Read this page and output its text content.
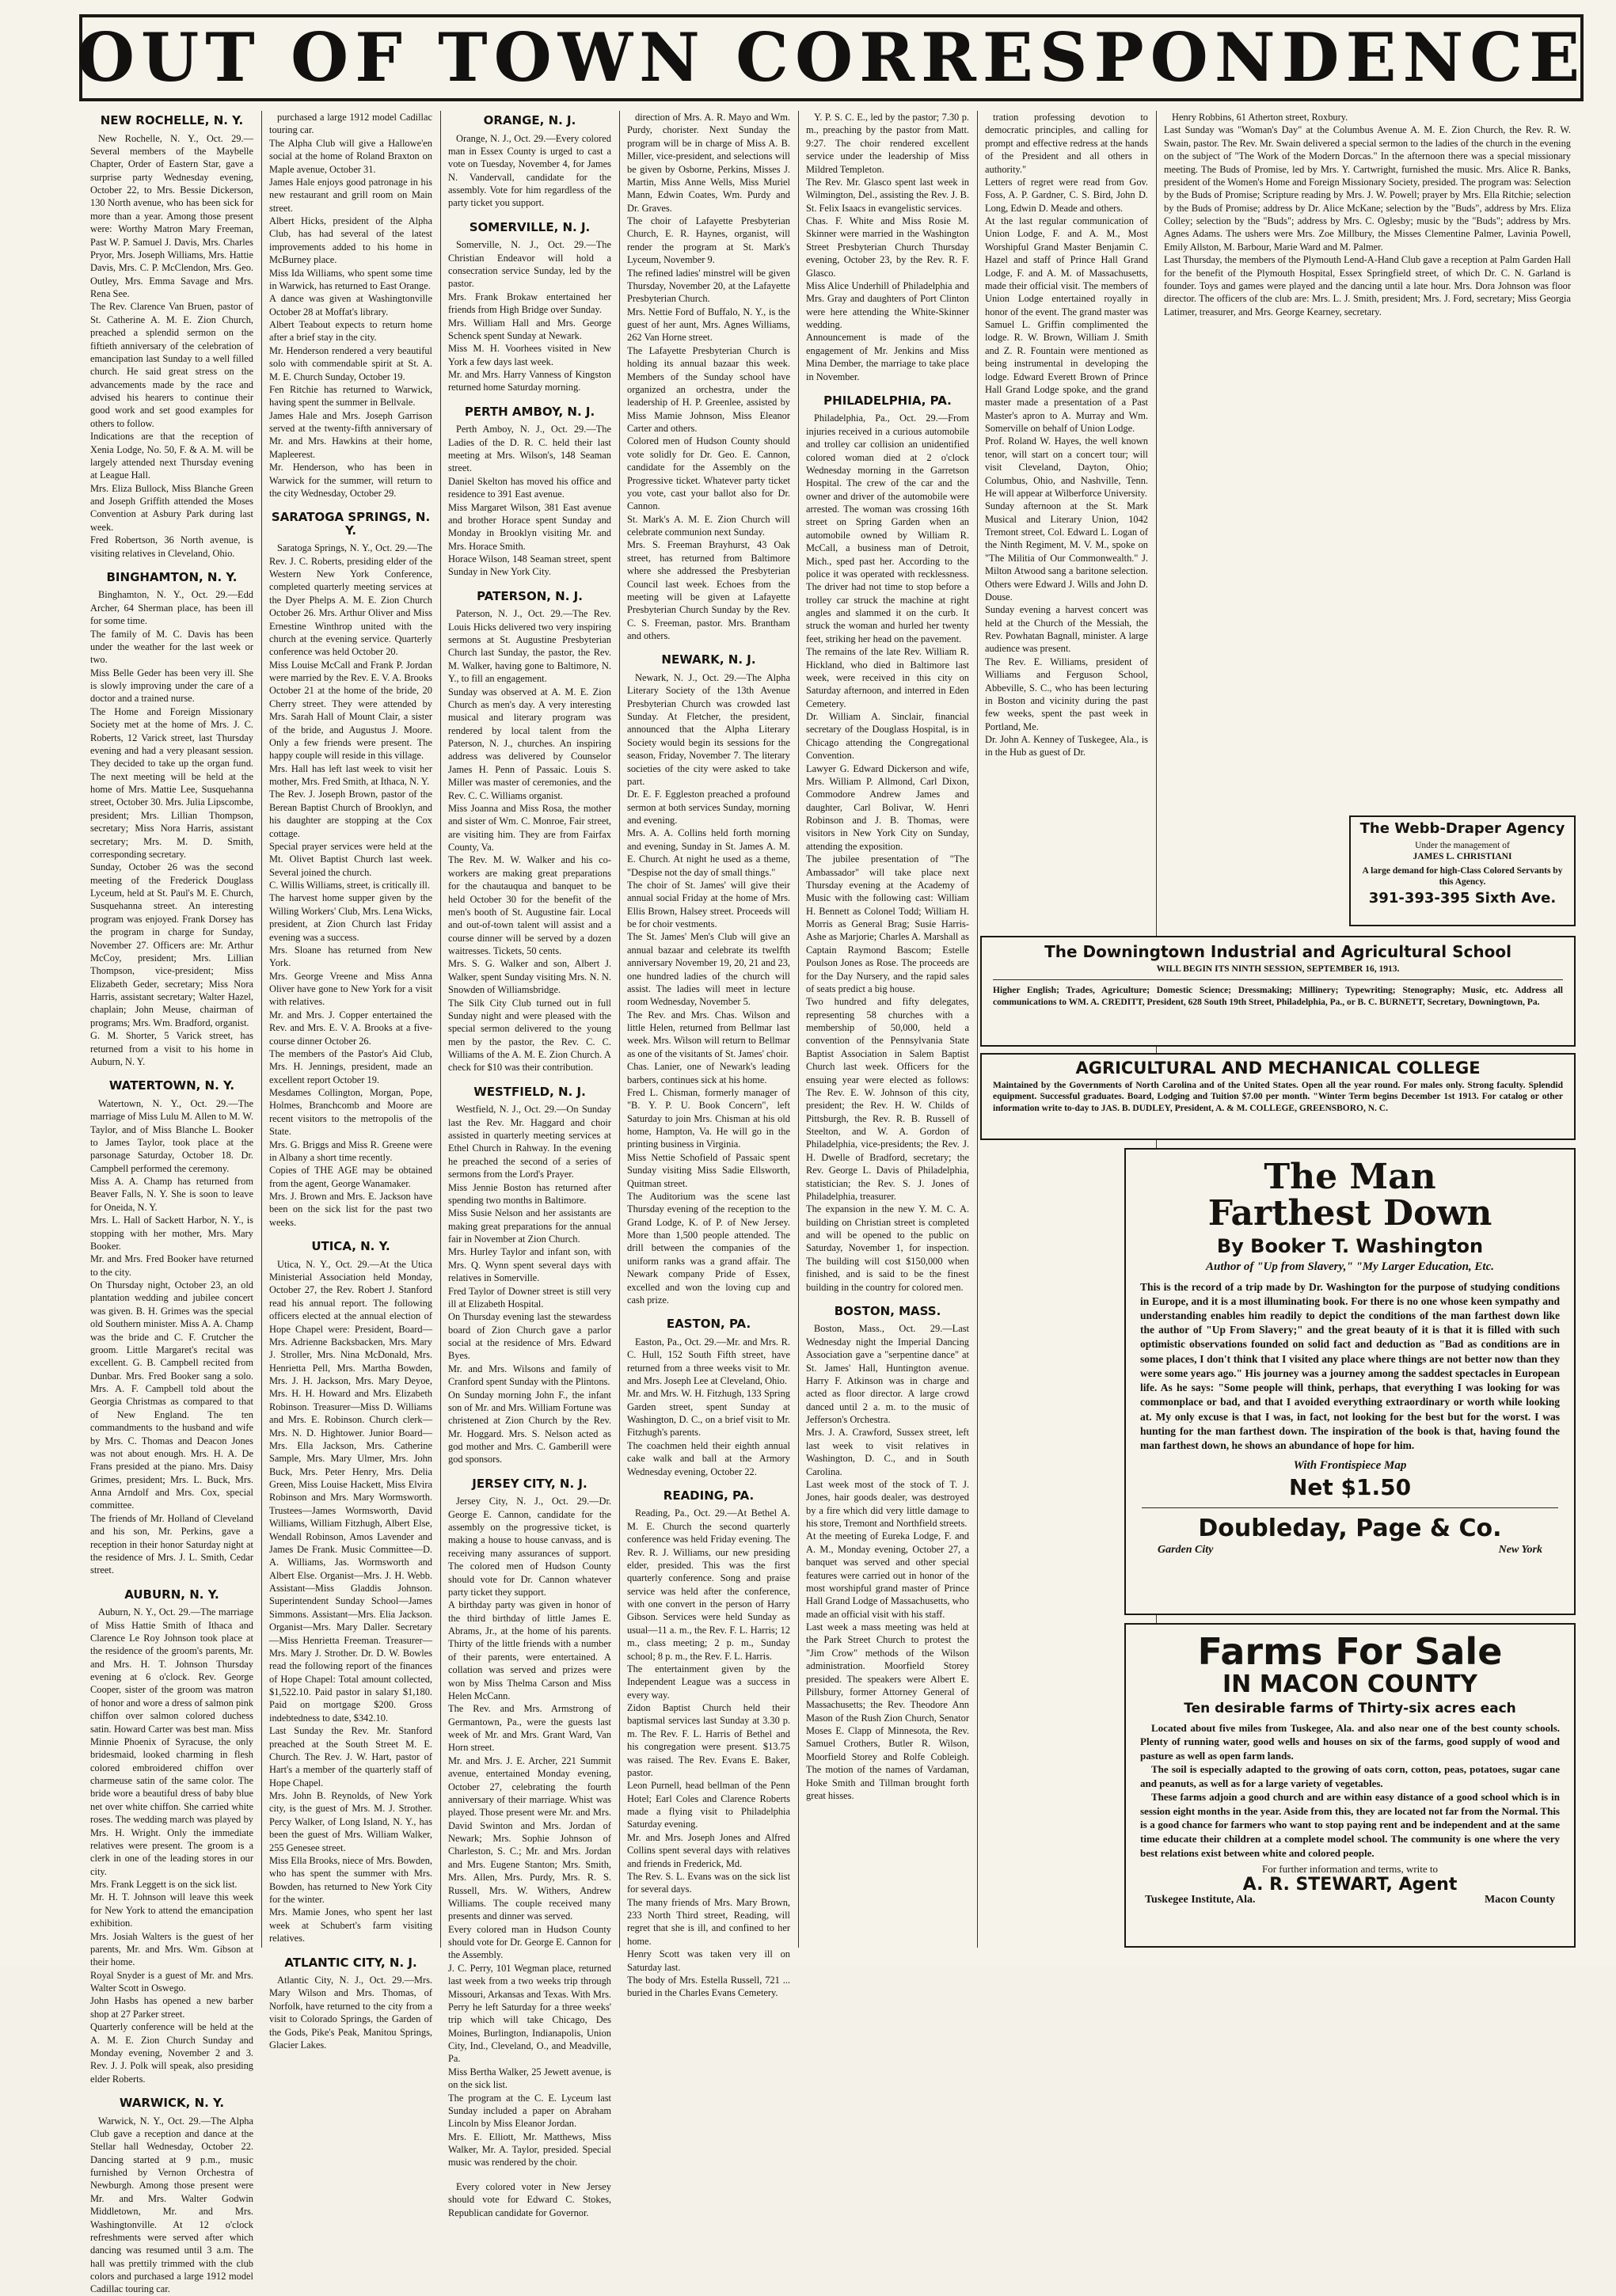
OUT OF TOWN CORRESPONDENCE
NEW ROCHELLE, N. Y.
New Rochelle, N. Y., Oct. 29.—Several members of the Maybelle Chapter, Order of Eastern Star, gave a surprise party Wednesday evening, October 22, to Mrs. Bessie Dickerson, 130 North avenue, who has been sick for more than a year. Among those present were: Worthy Matron Mary Freeman, Past W. P. Samuel J. Davis, Mrs. Charles Pryor, Mrs. Joseph Williams, Mrs. Hattie Davis, Mrs. C. P. McClendon, Mrs. Geo. Outley, Mrs. Emma Savage and Mrs. Rena See.
The Rev. Clarence Van Bruen, pastor of St. Catherine A. M. E. Zion Church, preached a splendid sermon on the fiftieth anniversary of the celebration of emancipation last Sunday to a well filled church. He said great stress on the advancements made by the race and advised his hearers to continue their good work and set good examples for others to follow.
Indications are that the reception of Xenia Lodge, No. 50, F. & A. M. will be largely attended next Thursday evening at League Hall.
Mrs. Eliza Bullock, Miss Blanche Green and Joseph Griffith attended the Moses Convention at Asbury Park during last week.
Fred Robertson, 36 North avenue, is visiting relatives in Cleveland, Ohio.
BINGHAMTON, N. Y.
Binghamton, N. Y., Oct. 29.—Edd Archer, 64 Sherman place, has been ill for some time.
The family of M. C. Davis has been under the weather for the last week or two.
Miss Belle Geder has been very ill. She is slowly improving under the care of a doctor and a trained nurse.
The Home and Foreign Missionary Society met at the home of Mrs. J. C. Roberts, 12 Varick street, last Thursday evening and had a very pleasant session. They decided to take up the organ fund. The next meeting will be held at the home of Mrs. Mattie Lee, Susquehanna street, October 30. Mrs. Julia Lipscombe, president; Mrs. Lillian Thompson, secretary; Miss Nora Harris, assistant secretary; Mrs. M. D. Smith, corresponding secretary.
Sunday, October 26 was the second meeting of the Frederick Douglass Lyceum, held at St. Paul's M. E. Church, Susquehanna street. An interesting program was enjoyed. Frank Dorsey has the program in charge for Sunday, November 27. Officers are: Mr. Arthur McCoy, president; Mrs. Lillian Thompson, vice-president; Miss Elizabeth Geder, secretary; Miss Nora Harris, assistant secretary; Walter Hazel, chaplain; John Meuse, chairman of programs; Mrs. Wm. Bradford, organist.
G. M. Shorter, 5 Varick street, has returned from a visit to his home in Auburn, N. Y.
WATERTOWN, N. Y.
Watertown, N. Y., Oct. 29.—The marriage of Miss Lulu M. Allen to M. W. Taylor, and of Miss Blanche L. Booker to James Taylor, took place at the parsonage Saturday, October 18. Dr. Campbell performed the ceremony.
Miss A. A. Champ has returned from Beaver Falls, N. Y. She is soon to leave for Oneida, N. Y.
Mrs. L. Hall of Sackett Harbor, N. Y., is stopping with her mother, Mrs. Mary Booker.
Mr. and Mrs. Fred Booker have returned to the city.
On Thursday night, October 23, an old plantation wedding and jubilee concert was given. B. H. Grimes was the special old Southern minister. Miss A. A. Champ was the bride and C. F. Crutcher the groom. Little Margaret's recital was excellent. G. B. Campbell recited from Dunbar. Mrs. Fred Booker sang a solo. Mrs. A. F. Campbell told about the Georgia Christmas as compared to that of New England. The ten commandments to the husband and wife by Mrs. C. Thomas and Deacon Jones was not about enough. Mrs. H. A. De Frans presided at the piano. Mrs. Daisy Grimes, president; Mrs. L. Buck, Mrs. Anna Arndolf and Mrs. Cox, special committee.
The friends of Mr. Holland of Cleveland and his son, Mr. Perkins, gave a reception in their honor Saturday night at the residence of Mrs. J. L. Smith, Cedar street.
AUBURN, N. Y.
Auburn, N. Y., Oct. 29.—The marriage of Miss Hattie Smith of Ithaca and Clarence Le Roy Johnson took place at the residence of the groom's parents, Mr. and Mrs. H. T. Johnson Thursday evening at 6 o'clock. Rev. George Cooper, sister of the groom was matron of honor and wore a dress of salmon pink chiffon over salmon colored duchess satin. Howard Carter was best man. Miss Minnie Phoenix of Syracuse, the only bridesmaid, looked charming in flesh colored embroidered chiffon over charmeuse satin of the same color. The bride wore a beautiful dress of baby blue net over white chiffon. She carried white roses. The wedding march was played by Mrs. H. Wright. Only the immediate relatives were present. The groom is a clerk in one of the leading stores in our city.
Mrs. Frank Leggett is on the sick list.
Mr. H. T. Johnson will leave this week for New York to attend the emancipation exhibition.
Mrs. Josiah Walters is the guest of her parents, Mr. and Mrs. Wm. Gibson at their home.
Royal Snyder is a guest of Mr. and Mrs. Walter Scott in Oswego.
John Hasbs has opened a new barber shop at 27 Parker street.
Quarterly conference will be held at the A. M. E. Zion Church Sunday and Monday evening, November 2 and 3. Rev. J. J. Polk will speak, also presiding elder Roberts.
WARWICK, N. Y.
Warwick, N. Y., Oct. 29.—The Alpha Club gave a reception and dance at the Stellar hall Wednesday, October 22. Dancing started at 9 p.m., music furnished by Vernon Orchestra of Newburgh. Among those present were Mr. and Mrs. Walter Godwin Middletown, Mr. and Mrs. Washingtonville. At 12 o'clock refreshments were served after which dancing was resumed until 3 a.m. The hall was prettily trimmed with the club colors and purchased a large 1912 model Cadillac touring car.
purchased a large 1912 model Cadillac touring car.
The Alpha Club will give a Hallowe'en social at the home of Roland Braxton on Maple avenue, October 31.
James Hale enjoys good patronage in his new restaurant and grill room on Main street.
Albert Hicks, president of the Alpha Club, has had several of the latest improvements added to his home in McBurney place.
Miss Ida Williams, who spent some time in Warwick, has returned to East Orange.
A dance was given at Washingtonville October 28 at Moffat's library.
Albert Teabout expects to return home after a brief stay in the city.
Mr. Henderson rendered a very beautiful solo with commendable spirit at St. A. M. E. Church Sunday, October 19.
Fen Ritchie has returned to Warwick, having spent the summer in Bellvale.
James Hale and Mrs. Joseph Garrison served at the twenty-fifth anniversary of Mr. and Mrs. Hawkins at their home, Mapleerest.
Mr. Henderson, who has been in Warwick for the summer, will return to the city Wednesday, October 29.
SARATOGA SPRINGS, N. Y.
Saratoga Springs, N. Y., Oct. 29.—The Rev. J. C. Roberts, presiding elder of the Western New York Conference, completed quarterly meeting services at the Dyer Phelps A. M. E. Zion Church October 26. Mrs. Arthur Oliver and Miss Ernestine Winthrop united with the church at the evening service. Quarterly conference was held October 20.
Miss Louise McCall and Frank P. Jordan were married by the Rev. E. V. A. Brooks October 21 at the home of the bride, 20 Cherry street. They were attended by Mrs. Sarah Hall of Mount Clair, a sister of the bride, and Augustus J. Moore. Only a few friends were present. The happy couple will reside in this village.
Mrs. Hall has left last week to visit her mother, Mrs. Fred Smith, at Ithaca, N. Y.
The Rev. J. Joseph Brown, pastor of the Berean Baptist Church of Brooklyn, and his daughter are stopping at the Cox cottage.
Special prayer services were held at the Mt. Olivet Baptist Church last week. Several joined the church.
C. Willis Williams, street, is critically ill.
The harvest home supper given by the Willing Workers' Club, Mrs. Lena Wicks, president, at Zion Church last Friday evening was a success.
Mrs. Sloane has returned from New York.
Mrs. George Vreene and Miss Anna Oliver have gone to New York for a visit with relatives.
Mr. and Mrs. J. Copper entertained the Rev. and Mrs. E. V. A. Brooks at a five-course dinner October 26.
The members of the Pastor's Aid Club, Mrs. H. Jennings, president, made an excellent report October 19.
Mesdames Collington, Morgan, Pope, Holmes, Branchcomb and Moore are recent visitors to the metropolis of the State.
Mrs. G. Briggs and Miss R. Greene were in Albany a short time recently.
Copies of THE AGE may be obtained from the agent, George Wanamaker.
Mrs. J. Brown and Mrs. E. Jackson have been on the sick list for the past two weeks.
UTICA, N. Y.
Utica, N. Y., Oct. 29.—At the Utica Ministerial Association held Monday, October 27, the Rev. Robert J. Stanford read his annual report. The following officers elected at the annual election of Hope Chapel were: President, Board—Mrs. Adrienne Backsbacken, Mrs. Mary J. Stroller, Mrs. Nina McDonald, Mrs. Henrietta Pell, Mrs. Martha Bowden, Mrs. J. H. Jackson, Mrs. Mary Deyoe, Mrs. H. H. Howard and Mrs. Elizabeth Robinson. Treasurer—Miss D. Williams and Mrs. E. Robinson. Church clerk—Mrs. N. D. Hightower. Junior Board—Mrs. Ella Jackson, Mrs. Catherine Sample, Mrs. Mary Ulmer, Mrs. John Buck, Mrs. Peter Henry, Mrs. Delia Green, Miss Louise Hackett, Miss Elvira Robinson and Mrs. Mary Wormsworth. Trustees—James Wormsworth, David Williams, William Fitzhugh, Albert Else, Wendall Robinson, Amos Lavender and James De Frank. Music Committee—D. A. Williams, Jas. Wormsworth and Albert Else. Organist—Mrs. J. H. Webb. Assistant—Miss Gladdis Johnson. Superintendent Sunday School—James Simmons. Assistant—Mrs. Elia Jackson. Organist—Mrs. Mary Daller. Secretary—Miss Henrietta Freeman. Treasurer—Mrs. Mary J. Strother. Dr. D. W. Bowles read the following report of the finances of Hope Chapel: Total amount collected, $1,522.10. Paid pastor in salary $1,180. Paid on mortgage $200. Gross indebtedness to date, $342.10.
Last Sunday the Rev. Mr. Stanford preached at the South Street M. E. Church. The Rev. J. W. Hart, pastor of Hart's a member of the quarterly staff of Hope Chapel.
Mrs. John B. Reynolds, of New York city, is the guest of Mrs. M. J. Strother. Percy Walker, of Long Island, N. Y., has been the guest of Mrs. William Walker, 255 Genesee street.
Miss Ella Brooks, niece of Mrs. Bowden, who has spent the summer with Mrs. Bowden, has returned to New York City for the winter.
Mrs. Mamie Jones, who spent her last week at Schubert's farm visiting relatives.
ATLANTIC CITY, N. J.
Atlantic City, N. J., Oct. 29.—Mrs. Mary Wilson and Mrs. Thomas, of Norfolk, have returned to the city from a visit to Colorado Springs, the Garden of the Gods, Pike's Peak, Manitou Springs, Glacier Lakes.
ORANGE, N. J.
Orange, N. J., Oct. 29.—Every colored man in Essex County is urged to cast a vote on Tuesday, November 4, for James N. Vandervall, candidate for the assembly. Vote for him regardless of the party ticket you support.
SOMERVILLE, N. J.
Somerville, N. J., Oct. 29.—The Christian Endeavor will hold a consecration service Sunday, led by the pastor.
Mrs. Frank Brokaw entertained her friends from High Bridge over Sunday.
Mrs. William Hall and Mrs. George Schenck spent Sunday at Newark.
Miss M. H. Voorhees visited in New York a few days last week.
Mr. and Mrs. Harry Vanness of Kingston returned home Saturday morning.
PERTH AMBOY, N. J.
Perth Amboy, N. J., Oct. 29.—The Ladies of the D. R. C. held their last meeting at Mrs. Wilson's, 148 Seaman street.
Daniel Skelton has moved his office and residence to 391 East avenue.
Miss Margaret Wilson, 381 East avenue and brother Horace spent Sunday and Monday in Brooklyn visiting Mr. and Mrs. Horace Smith.
Horace Wilson, 148 Seaman street, spent Sunday in New York City.
PATERSON, N. J.
Paterson, N. J., Oct. 29.—The Rev. Louis Hicks delivered two very inspiring sermons at St. Augustine Presbyterian Church last Sunday, the pastor, the Rev. M. Walker, having gone to Baltimore, N. Y., to fill an engagement.
Sunday was observed at A. M. E. Zion Church as men's day. A very interesting musical and literary program was rendered by local talent from the Paterson, N. J., churches. An inspiring address was delivered by Counselor James H. Penn of Passaic. Louis S. Miller was master of ceremonies, and the Rev. C. C. Williams organist.
Miss Joanna and Miss Rosa, the mother and sister of Wm. C. Monroe, Fair street, are visiting him. They are from Fairfax County, Va.
The Rev. M. W. Walker and his co-workers are making great preparations for the chautauqua and banquet to be held October 30 for the benefit of the men's booth of St. Augustine fair. Local and out-of-town talent will assist and a course dinner will be served by a dozen waitresses. Tickets, 50 cents.
Mrs. S. G. Walker and son, Albert J. Walker, spent Sunday visiting Mrs. N. N. Snowden of Williamsbridge.
The Silk City Club turned out in full Sunday night and were pleased with the special sermon delivered to the young men by the pastor, the Rev. C. C. Williams of the A. M. E. Zion Church. A check for $10 was their contribution.
WESTFIELD, N. J.
Westfield, N. J., Oct. 29.—On Sunday last the Rev. Mr. Haggard and choir assisted in quarterly meeting services at Ethel Church in Rahway. In the evening he preached the second of a series of sermons from the Lord's Prayer.
Miss Jennie Boston has returned after spending two months in Baltimore.
Miss Susie Nelson and her assistants are making great preparations for the annual fair in November at Zion Church.
Mrs. Hurley Taylor and infant son, with Mrs. Q. Wynn spent several days with relatives in Somerville.
Fred Taylor of Downer street is still very ill at Elizabeth Hospital.
On Thursday evening last the stewardess board of Zion Church gave a parlor social at the residence of Mrs. Edward Byes.
Mr. and Mrs. Wilsons and family of Cranford spent Sunday with the Plintons.
On Sunday morning John F., the infant son of Mr. and Mrs. William Fortune was christened at Zion Church by the Rev. Mr. Hoggard. Mrs. S. Nelson acted as god mother and Mrs. C. Gamberill were god sponsors.
JERSEY CITY, N. J.
Jersey City, N. J., Oct. 29.—Dr. George E. Cannon, candidate for the assembly on the progressive ticket, is making a house to house canvass, and is receiving many assurances of support. The colored men of Hudson County should vote for Dr. Cannon whatever party ticket they support.
A birthday party was given in honor of the third birthday of little James E. Abrams, Jr., at the home of his parents. Thirty of the little friends with a number of their parents, were entertained. A collation was served and prizes were won by Miss Thelma Carson and Miss Helen McCann.
The Rev. and Mrs. Armstrong of Germantown, Pa., were the guests last week of Mr. and Mrs. Grant Ward, Van Horn street.
Mr. and Mrs. J. E. Archer, 221 Summit avenue, entertained Monday evening, October 27, celebrating the fourth anniversary of their marriage. Whist was played. Those present were Mr. and Mrs. David Swinton and Mrs. Jordan of Newark; Mrs. Sophie Johnson of Charleston, S. C.; Mr. and Mrs. Jordan and Mrs. Eugene Stanton; Mrs. Smith, Mrs. Allen, Mrs. Purdy, Mrs. R. S. Russell, Mrs. W. Withers, Andrew Williams. The couple received many presents and dinner was served.
Every colored man in Hudson County should vote for Dr. George E. Cannon for the Assembly.
J. C. Perry, 101 Wegman place, returned last week from a two weeks trip through Missouri, Arkansas and Texas. With Mrs. Perry he left Saturday for a three weeks' trip which will take Chicago, Des Moines, Burlington, Indianapolis, Union City, Ind., Cleveland, O., and Meadville, Pa.
Miss Bertha Walker, 25 Jewett avenue, is on the sick list.
The program at the C. E. Lyceum last Sunday included a paper on Abraham Lincoln by Miss Eleanor Jordan.
Mrs. E. Elliott, Mr. Matthews, Miss Walker, Mr. A. Taylor, presided. Special music was rendered by the choir.
Every colored voter in New Jersey should vote for Edward C. Stokes, Republican candidate for Governor.
direction of Mrs. A. R. Mayo and Wm. Purdy, chorister. Next Sunday the program will be in charge of Miss A. B. Miller, vice-president, and selections will be given by Osborne, Perkins, Misses J. Martin, Miss Anne Wells, Miss Muriel Mann, Edwin Coates, Wm. Purdy and Dr. Graves.
The choir of Lafayette Presbyterian Church, E. R. Haynes, organist, will render the program at St. Mark's Lyceum, November 9.
The refined ladies' minstrel will be given Thursday, November 20, at the Lafayette Presbyterian Church.
Mrs. Nettie Ford of Buffalo, N. Y., is the guest of her aunt, Mrs. Agnes Williams, 262 Van Horne street.
The Lafayette Presbyterian Church is holding its annual bazaar this week. Members of the Sunday school have organized an orchestra, under the leadership of H. P. Greenlee, assisted by Miss Mamie Johnson, Miss Eleanor Carter and others.
Colored men of Hudson County should vote solidly for Dr. Geo. E. Cannon, candidate for the Assembly on the Progressive ticket. Whatever party ticket you vote, cast your ballot also for Dr. Cannon.
St. Mark's A. M. E. Zion Church will celebrate communion next Sunday.
Mrs. S. Freeman Brayhurst, 43 Oak street, has returned from Baltimore where she addressed the Presbyterian Council last week. Echoes from the meeting will be given at Lafayette Presbyterian Church Sunday by the Rev. C. S. Freeman, pastor. Mrs. Brantham and others.
NEWARK, N. J.
Newark, N. J., Oct. 29.—The Alpha Literary Society of the 13th Avenue Presbyterian Church was crowded last Sunday. At Fletcher, the president, announced that the Alpha Literary Society would begin its sessions for the season, Friday, November 7. The literary societies of the city were asked to take part.
Dr. E. F. Eggleston preached a profound sermon at both services Sunday, morning and evening.
Mrs. A. A. Collins held forth morning and evening, Sunday in St. James A. M. E. Church. At night he used as a theme, "Despise not the day of small things."
The choir of St. James' will give their annual social Friday at the home of Mrs. Ellis Brown, Halsey street. Proceeds will be for choir vestments.
The St. James' Men's Club will give an annual bazaar and celebrate its twelfth anniversary November 19, 20, 21 and 23, one hundred ladies of the church will assist. The ladies will meet in lecture room Wednesday, November 5.
The Rev. and Mrs. Chas. Wilson and little Helen, returned from Bellmar last week. Mrs. Wilson will return to Bellmar as one of the visitants of St. James' choir.
Chas. Lanier, one of Newark's leading barbers, continues sick at his home.
Fred L. Chisman, formerly manager of "B. Y. P. U. Book Concern", left Saturday to join Mrs. Chisman at his old home, Hampton, Va. He will go in the printing business in Virginia.
Miss Nettie Schofield of Passaic spent Sunday visiting Miss Sadie Ellsworth, Quitman street.
The Auditorium was the scene last Thursday evening of the reception to the Grand Lodge, K. of P. of New Jersey. More than 1,500 people attended. The drill between the companies of the uniform ranks was a grand affair. The Newark company Pride of Essex, excelled and won the loving cup and cash prize.
EASTON, PA.
Easton, Pa., Oct. 29.—Mr. and Mrs. R. C. Hull, 152 South Fifth street, have returned from a three weeks visit to Mr. and Mrs. Joseph Lee at Cleveland, Ohio.
Mr. and Mrs. W. H. Fitzhugh, 133 Spring Garden street, spent Sunday at Washington, D. C., on a brief visit to Mr. Fitzhugh's parents.
The coachmen held their eighth annual cake walk and ball at the Armory Wednesday evening, October 22.
READING, PA.
Reading, Pa., Oct. 29.—At Bethel A. M. E. Church the second quarterly conference was held Friday evening. The Rev. R. J. Williams, our new presiding elder, presided. This was the first quarterly conference. Song and praise service was held after the conference, with one convert in the person of Harry Gibson. Services were held Sunday as usual—11 a. m., the Rev. F. L. Harris; 12 m., class meeting; 2 p. m., Sunday school; 8 p. m., the Rev. F. L. Harris.
The entertainment given by the Independent League was a success in every way.
Zidon Baptist Church held their baptismal services last Sunday at 3.30 p. m. The Rev. F. L. Harris of Bethel and his congregation were present. $13.75 was raised. The Rev. Evans E. Baker, pastor.
Leon Purnell, head bellman of the Penn Hotel; Earl Coles and Clarence Roberts made a flying visit to Philadelphia Saturday evening.
Mr. and Mrs. Joseph Jones and Alfred Collins spent several days with relatives and friends in Frederick, Md.
The Rev. S. L. Evans was on the sick list for several days.
The many friends of Mrs. Mary Brown, 233 North Third street, Reading, will regret that she is ill, and confined to her home.
Henry Scott was taken very ill on Saturday last.
The body of Mrs. Estella Russell, 721 ... buried in the Charles Evans Cemetery.
Y. P. S. C. E., led by the pastor; 7.30 p. m., preaching by the pastor from Matt. 9:27. The choir rendered excellent service under the leadership of Miss Mildred Templeton.
The Rev. Mr. Glasco spent last week in Wilmington, Del., assisting the Rev. J. B. St. Felix Isaacs in evangelistic services.
Chas. F. White and Miss Rosie M. Skinner were married in the Washington Street Presbyterian Church Thursday evening, October 23, by the Rev. R. F. Glasco.
Miss Alice Underhill of Philadelphia and Mrs. Gray and daughters of Port Clinton were here attending the White-Skinner wedding.
Announcement is made of the engagement of Mr. Jenkins and Miss Mina Dember, the marriage to take place in November.
PHILADELPHIA, PA.
Philadelphia, Pa., Oct. 29.—From injuries received in a curious automobile and trolley car collision an unidentified colored woman died at 2 o'clock Wednesday morning in the Garretson Hospital. The crew of the car and the owner and driver of the automobile were arrested. The woman was crossing 16th street on Spring Garden when an automobile owned by William R. McCall, a business man of Detroit, Mich., sped past her. According to the police it was operated with recklessness. The driver had not time to stop before a trolley car struck the machine at right angles and slammed it on the curb. It struck the woman and hurled her twenty feet, striking her head on the pavement.
The remains of the late Rev. William R. Hickland, who died in Baltimore last week, were received in this city on Saturday afternoon, and interred in Eden Cemetery.
Dr. William A. Sinclair, financial secretary of the Douglass Hospital, is in Chicago attending the Congregational Convention.
Lawyer G. Edward Dickerson and wife, Mrs. William P. Allmond, Carl Dixon, Commodore Andrew James and daughter, Carl Bolivar, W. Henri Robinson and J. B. Thomas, were visitors in New York City on Sunday, attending the exposition.
The jubilee presentation of "The Ambassador" will take place next Thursday evening at the Academy of Music with the following cast: William H. Bennett as Colonel Todd; William H. Morris as General Brag; Susie Harris-Ashe as Marjorie; Charles A. Marshall as Captain Raymond Bascom; Estelle Poulson Jones as Rose. The proceeds are for the Day Nursery, and the rapid sales of seats predict a big house.
Two hundred and fifty delegates, representing 58 churches with a membership of 50,000, held a convention of the Pennsylvania State Baptist Association in Salem Baptist Church last week. Officers for the ensuing year were elected as follows: The Rev. E. W. Johnson of this city, president; the Rev. H. W. Childs of Pittsburgh, the Rev. R. B. Russell of Steelton, and W. A. Gordon of Philadelphia, vice-presidents; the Rev. J. H. Dwelle of Bradford, secretary; the Rev. George L. Davis of Philadelphia, statistician; the Rev. S. J. Jones of Philadelphia, treasurer.
The expansion in the new Y. M. C. A. building on Christian street is completed and will be opened to the public on Saturday, November 1, for inspection. The building will cost $150,000 when finished, and is said to be the finest building in the country for colored men.
BOSTON, MASS.
Boston, Mass., Oct. 29.—Last Wednesday night the Imperial Dancing Association gave a "serpentine dance" at St. James' Hall, Huntington avenue. Harry F. Atkinson was in charge and acted as floor director. A large crowd danced until 2 a. m. to the music of Jefferson's Orchestra.
Mrs. J. A. Crawford, Sussex street, left last week to visit relatives in Washington, D. C., and in South Carolina.
Last week most of the stock of T. J. Jones, hair goods dealer, was destroyed by a fire which did very little damage to his store, Tremont and Northfield streets.
At the meeting of Eureka Lodge, F. and A. M., Monday evening, October 27, a banquet was served and other special features were carried out in honor of the most worshipful grand master of Prince Hall Grand Lodge of Massachusetts, who made an official visit with his staff.
Last week a mass meeting was held at the Park Street Church to protest the "Jim Crow" methods of the Wilson administration. Moorfield Storey presided. The speakers were Albert E. Pillsbury, former Attorney General of Massachusetts; the Rev. Theodore Ann Mason of the Rush Zion Church, Senator Moses E. Clapp of Minnesota, the Rev. Samuel Crothers, Butler R. Wilson, Moorfield Storey and Rolfe Cobleigh. The motion of the names of Vardaman, Hoke Smith and Tillman brought forth great hisses.
tration professing devotion to democratic principles, and calling for prompt and effective redress at the hands of the President and all others in authority."
Letters of regret were read from Gov. Foss, A. P. Gardner, C. S. Bird, John D. Long, Edwin D. Meade and others.
At the last regular communication of Union Lodge, F. and A. M., Most Worshipful Grand Master Benjamin C. Hazel and staff of Prince Hall Grand Lodge, F. and A. M. of Massachusetts, made their official visit. The members of Union Lodge entertained royally in honor of the event. The grand master was Samuel L. Griffin complimented the lodge. R. W. Brown, William J. Smith and Z. R. Fountain were mentioned as being instrumental in developing the lodge. Edward Everett Brown of Prince Hall Grand Lodge spoke, and the grand master made a presentation of a Past Master's apron to A. Murray and Wm. Somerville on behalf of Union Lodge.
Prof. Roland W. Hayes, the well known tenor, will start on a concert tour; will visit Cleveland, Dayton, Ohio; Columbus, Ohio, and Nashville, Tenn. He will appear at Wilberforce University.
Sunday afternoon at the St. Mark Musical and Literary Union, 1042 Tremont street, Col. Edward L. Logan of the Ninth Regiment, M. V. M., spoke on "The Militia of Our Commonwealth." J. Milton Atwood sang a baritone selection. Others were Edward J. Wills and John D. Douse.
Sunday evening a harvest concert was held at the Church of the Messiah, the Rev. Powhatan Bagnall, minister. A large audience was present.
The Rev. E. Williams, president of Williams and Ferguson School, Abbeville, S. C., who has been lecturing in Boston and vicinity during the past few weeks, spent the past week in Portland, Me.
Dr. John A. Kenney of Tuskegee, Ala., is in the Hub as guest of Dr.
Henry Robbins, 61 Atherton street, Roxbury.
Last Sunday was "Woman's Day" at the Columbus Avenue A. M. E. Zion Church, the Rev. R. W. Swain, pastor. The Rev. Mr. Swain delivered a special sermon to the ladies of the church in the evening on the subject of "The Work of the Modern Dorcas." In the afternoon there was a special missionary meeting. The Buds of Promise, led by Mrs. Y. Cartwright, furnished the music. Mrs. Alice R. Banks, president of the Women's Home and Foreign Missionary Society, presided. The program was: Selection by the Buds of Promise; Scripture reading by Mrs. J. W. Powell; prayer by Mrs. Ella Ritchie; selection by the Buds of Promise; address by Dr. Alice McKane; selection by the "Buds", address by Mrs. Eliza Colley; selection by the "Buds"; address by Mrs. C. Oglesby; music by the "Buds"; address by Mrs. Agnes Adams. The ushers were Mrs. Zoe Millbury, the Misses Clementine Palmer, Lavinia Powell, Emily Allston, M. Barbour, Marie Ward and M. Palmer.
Last Thursday, the members of the Plymouth Lend-A-Hand Club gave a reception at Palm Garden Hall for the benefit of the Plymouth Hospital, Essex Springfield street, of which Dr. C. N. Garland is founder. Toys and games were played and the dancing until a late hour. Mrs. Dora Johnson was floor director. The officers of the club are: Mrs. L. J. Smith, president; Mrs. J. Ford, secretary; Miss Georgia Latimer, treasurer, and Mrs. George Kearney, secretary.
The Webb-Draper Agency
Under the management of
JAMES L. CHRISTIANI
A large demand for high-Class Colored Servants by this Agency.
391-393-395 Sixth Ave.
The Downingtown Industrial and Agricultural School
WILL BEGIN ITS NINTH SESSION, SEPTEMBER 16, 1913.
Higher English; Trades, Agriculture; Domestic Science; Dressmaking; Millinery; Typewriting; Stenography; Music, etc. Address all communications to WM. A. CREDITT, President, 628 South 19th Street, Philadelphia, Pa., or B. C. BURNETT, Secretary, Downingtown, Pa.
AGRICULTURAL AND MECHANICAL COLLEGE
Maintained by the Governments of North Carolina and of the United States. Open all the year round. For males only. Strong faculty. Splendid equipment. Successful graduates. Board, Lodging and Tuition $7.00 per month. "Winter Term begins December 1st 1913. For catalog or other information write to-day to JAS. B. DUDLEY, President, A. & M. COLLEGE, GREENSBORO, N. C.
The Man
Farthest Down
By Booker T. Washington
Author of "Up from Slavery," "My Larger Education, Etc.
This is the record of a trip made by Dr. Washington for the purpose of studying conditions in Europe, and it is a most illuminating book. For there is no one whose keen sympathy and understanding enables him readily to depict the conditions of the man farthest down like the author of "Up From Slavery;" and the great beauty of it is that it is filled with such optimistic observations founded on solid fact and deduction as "Bad as conditions are in some places, I don't think that I visited any place where things are not better now than they were some years ago." His journey was a journey among the saddest spectacles in European life. As he says: "Some people will think, perhaps, that everything I was looking for was commonplace or bad, and that I avoided everything extraordinary or worth while looking at. My only excuse is that I was, in fact, not looking for the best but for the worst. I was hunting for the man farthest down. The inspiration of the book is that, having found the man farthest down, he shows an abundance of hope for him.
With Frontispiece Map
Net $1.50
Doubleday, Page & Co.
Garden City	New York
Farms For Sale
IN MACON COUNTY
Ten desirable farms of Thirty-six acres each
Located about five miles from Tuskegee, Ala. and also near one of the best county schools. Plenty of running water, good wells and houses on six of the farms, good supply of wood and pasture as well as open farm lands.
The soil is especially adapted to the growing of oats corn, cotton, peas, potatoes, sugar cane and peanuts, as well as for a large variety of vegetables.
These farms adjoin a good church and are within easy distance of a good school which is in session eight months in the year. Aside from this, they are located not far from the Normal. This is a good chance for farmers who want to stop paying rent and be independent and at the same time educate their children at a complete model school. The community is one where the very best relations exist between white and colored people.
For further information and terms, write to
A. R. STEWART, Agent
Tuskegee Institute, Ala.	Macon County
